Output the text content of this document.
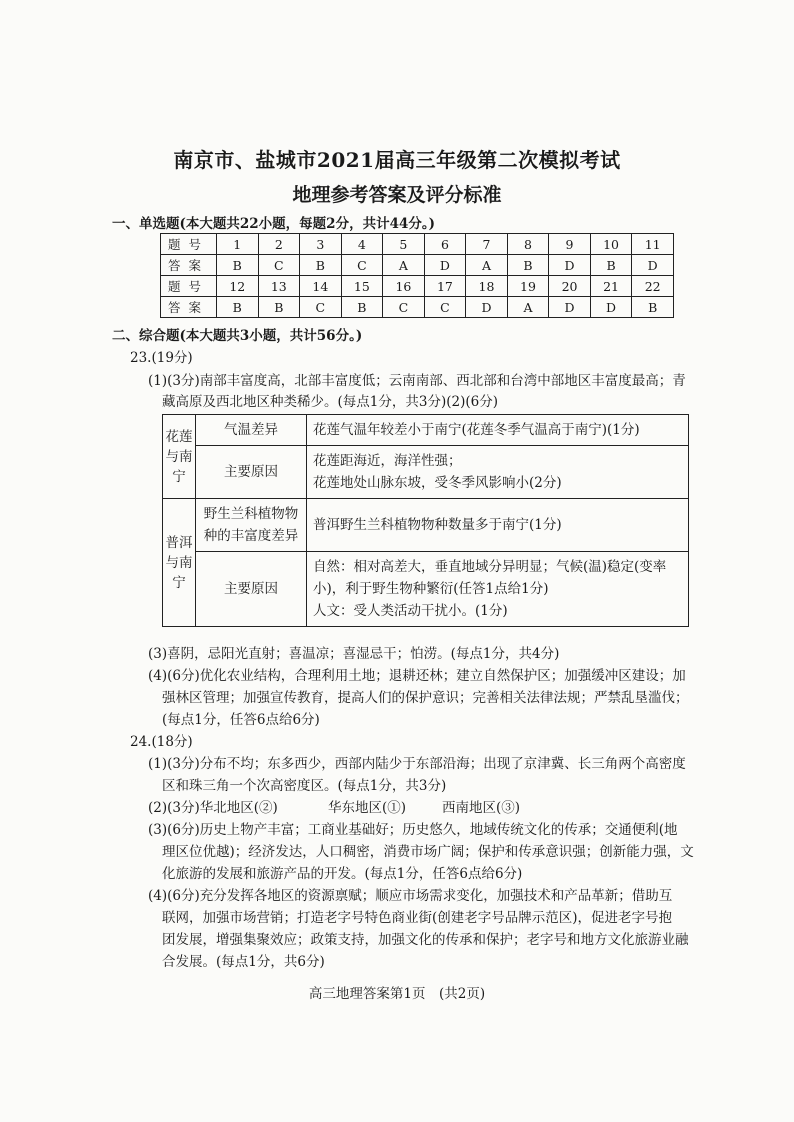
南京市、盐城市2021届高三年级第二次模拟考试
地理参考答案及评分标准
一、单选题(本大题共22小题，每题2分，共计44分。)
题号	1	2	3	4	5	6	7	8	9	10	11
答案	B	C	B	C	A	D	A	B	D	B	D
题号	12	13	14	15	16	17	18	19	20	21	22
答案	B	B	C	B	C	C	D	A	D	D	B
二、综合题(本大题共3小题，共计56分。)
23.(19分)
(1)(3分)南部丰富度高，北部丰富度低；云南南部、西北部和台湾中部地区丰富度最高；青
藏高原及西北地区种类稀少。(每点1分，共3分)(2)(6分)
花莲与南宁	气温差异	花莲气温年较差小于南宁(花莲冬季气温高于南宁)(1分)
	主要原因	花莲距海近，海洋性强；
花莲地处山脉东坡，受冬季风影响小(2分)

普洱与南宁	野生兰科植物物种的丰富度差异	普洱野生兰科植物物种数量多于南宁(1分)
	主要原因	自然：相对高差大，垂直地域分异明显；气候(温)稳定(变率
小)，利于野生物种繁衍(任答1点给1分)
人文：受人类活动干扰小。(1分)
(3)喜阴，忌阳光直射；喜温凉；喜湿忌干；怕涝。(每点1分，共4分)
(4)(6分)优化农业结构，合理利用土地；退耕还林；建立自然保护区；加强缓冲区建设；加
强林区管理；加强宣传教育，提高人们的保护意识；完善相关法律法规；严禁乱垦滥伐；
(每点1分，任答6点给6分)
24.(18分)
(1)(3分)分布不均；东多西少，西部内陆少于东部沿海；出现了京津冀、长三角两个高密度
区和珠三角一个次高密度区。(每点1分，共3分)
(2)(3分)华北地区(②)	华东地区(①)	西南地区(③)
(3)(6分)历史上物产丰富；工商业基础好；历史悠久，地域传统文化的传承；交通便利(地
理区位优越)；经济发达，人口稠密，消费市场广阔；保护和传承意识强；创新能力强，文
化旅游的发展和旅游产品的开发。(每点1分，任答6点给6分)
(4)(6分)充分发挥各地区的资源禀赋；顺应市场需求变化，加强技术和产品革新；借助互
联网，加强市场营销；打造老字号特色商业街(创建老字号品牌示范区)，促进老字号抱
团发展，增强集聚效应；政策支持，加强文化的传承和保护；老字号和地方文化旅游业融
合发展。(每点1分，共6分)
高三地理答案第1页　(共2页)
